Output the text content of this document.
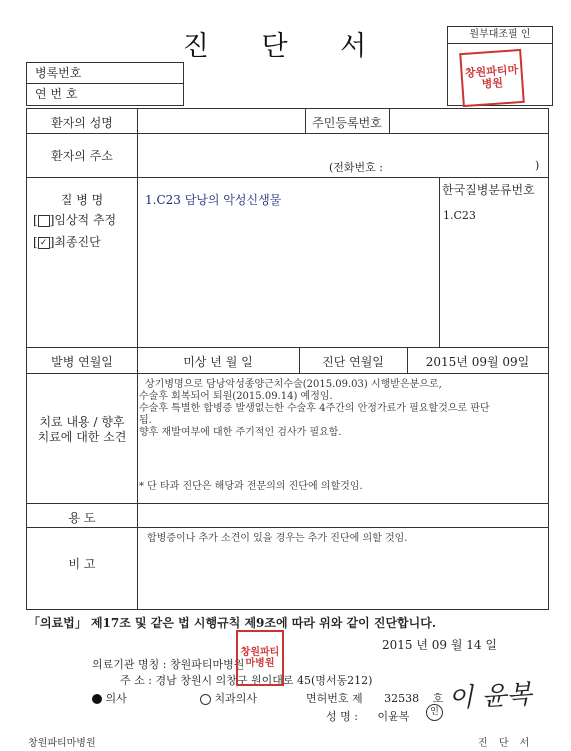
진 단 서	원부대조필 인
창 원 파 티 마
병 원
병록번호
연 번 호
환자의 성명	주민등록번호
환자의 주소
(전화번호 :	)
질 병 명
[ ]임상적 추정
[ ✓ ]최종진단
1.C23 담낭의 악성신생물
한국질병분류번호
1.C23
발병 연월일	미상 년 월 일	진단 연월일	2015년 09월 09일
치료 내용 / 향후
치료에 대한 소견
상기병명으로 담낭악성종양근치수술(2015.09.03) 시행받은분으로,
수술후 회복되어 퇴원(2015.09.14) 예정임.
수술후 특별한 합병증 발생없는한 수술후 4주간의 안정가료가 필요할것으로 판단
됨.
향후 재발여부에 대한 주기적인 검사가 필요함.
* 단 타과 진단은 해당과 전문의의 진단에 의할것임.
용 도
비 고
합병증이나 추가 소견이 있을 경우는 추가 진단에 의할 것임.
「의료법」 제17조 및 같은 법 시행규칙 제9조에 따라 위와 같이 진단합니다.
2015 년 09 월 14 일
의료기관 명칭 : 창원파티마병원
주 소 : 경남 창원시 의창구 원이대로 45(명서동212)
창 원 파 티
마 병 원
의사	치과의사	면허번호 제 32538 호
성 명 : 이윤복	인 이 윤복
창원파티마병원	진 단 서
